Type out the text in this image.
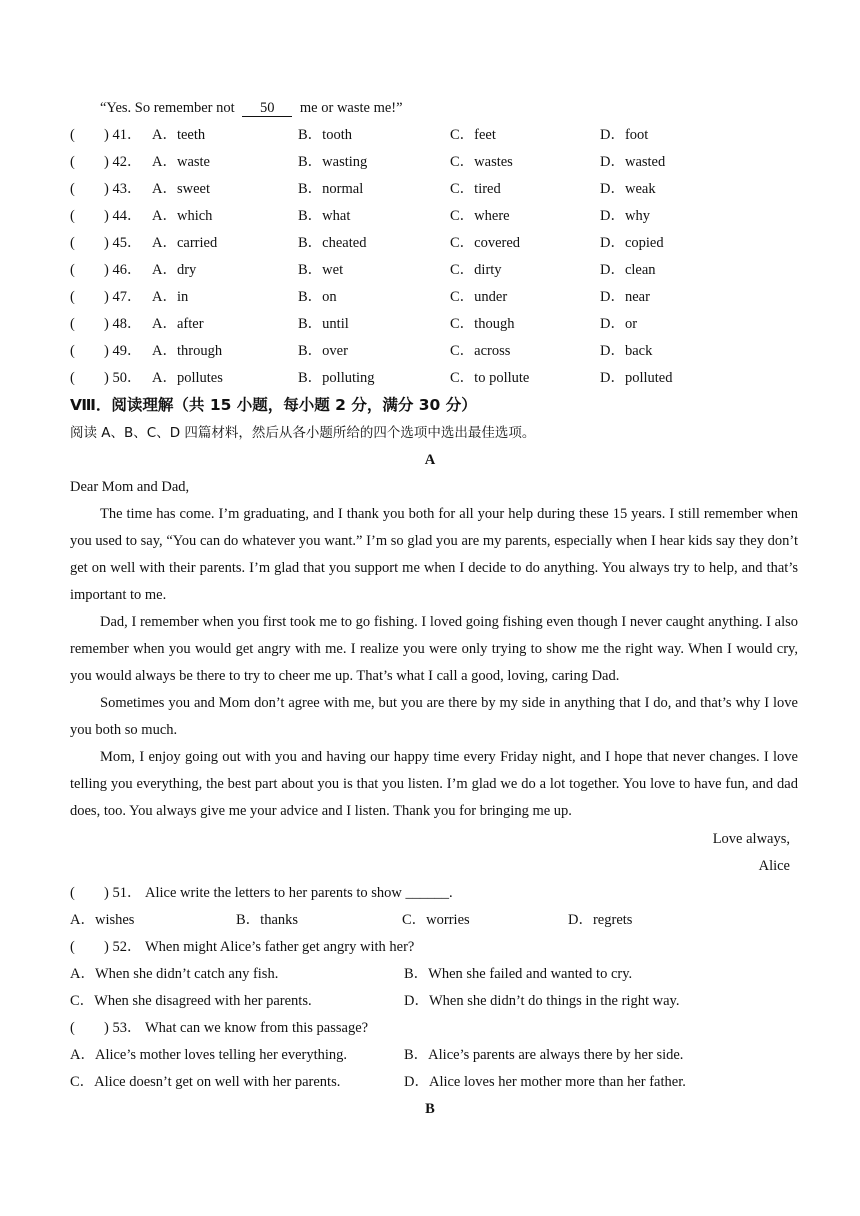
“Yes. So remember not 50 me or waste me!”
( ) 41． A．teeth	B．tooth	C．feet	D．foot
( ) 42． A．waste	B．wasting	C．wastes	D．wasted
( ) 43． A．sweet	B．normal	C．tired	D．weak
( ) 44． A．which	B．what	C．where	D．why
( ) 45． A．carried	B．cheated	C．covered	D．copied
( ) 46． A．dry	B．wet	C．dirty	D．clean
( ) 47． A．in	B．on	C．under	D．near
( ) 48． A．after	B．until	C．though	D．or
( ) 49． A．through	B．over	C．across	D．back
( ) 50． A．pollutes	B．polluting	C．to pollute	D．polluted
Ⅷ．阅读理解（共 15 小题，每小题 2 分，满分 30 分）
阅读 A、B、C、D 四篇材料，然后从各小题所给的四个选项中选出最佳选项。
A
Dear Mom and Dad,
The time has come. I’m graduating, and I thank you both for all your help during these 15 years. I still remember when you used to say, “You can do whatever you want.” I’m so glad you are my parents, especially when I hear kids say they don’t get on well with their parents. I’m glad that you support me when I decide to do anything. You always try to help, and that’s important to me.
Dad, I remember when you first took me to go fishing. I loved going fishing even though I never caught anything. I also remember when you would get angry with me. I realize you were only trying to show me the right way. When I would cry, you would always be there to try to cheer me up. That’s what I call a good, loving, caring Dad.
Sometimes you and Mom don’t agree with me, but you are there by my side in anything that I do, and that’s why I love you both so much.
Mom, I enjoy going out with you and having our happy time every Friday night, and I hope that never changes. I love telling you everything, the best part about you is that you listen. I’m glad we do a lot together. You love to have fun, and dad does, too. You always give me your advice and I listen. Thank you for bringing me up.
Love always,
Alice
( ) 51． Alice write the letters to her parents to show ______.
A．wishes	B．thanks	C．worries	D．regrets
( ) 52． When might Alice’s father get angry with her?
A．When she didn’t catch any fish.	B．When she failed and wanted to cry.
C．When she disagreed with her parents.	D．When she didn’t do things in the right way.
( ) 53． What can we know from this passage?
A．Alice’s mother loves telling her everything.	B．Alice’s parents are always there by her side.
C．Alice doesn’t get on well with her parents.	D．Alice loves her mother more than her father.
B
